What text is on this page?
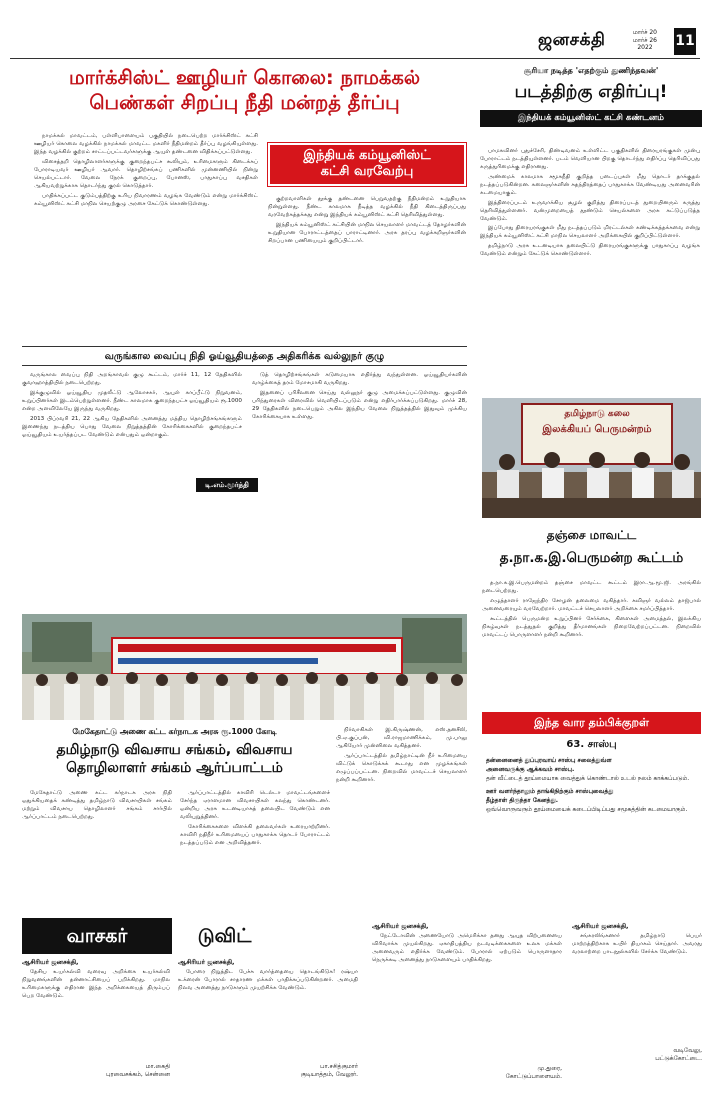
ஜனசக்தி	மார்ச் 20
மார்ச் 26
2022	11
மார்க்சிஸ்ட் ஊழியர் கொலை: நாமக்கல்
பெண்கள் சிறப்பு நீதி மன்றத் தீர்ப்பு

நாமக்கல் மாவட்டம், பள்ளிபாளையம் பகுதியில் நடைபெற்ற மார்க்சிஸ்ட் கட்சி ஊழியர் கொலை வழக்கில் நாமக்கல் மாவட்ட மகளிர் நீதிமன்றம் தீர்ப்பு வழங்கியுள்ளது. இந்த வழக்கில் குற்றம் சாட்டப்பட்டவர்களுக்கு ஆயுள் தண்டனை விதிக்கப்பட்டுள்ளது.

விசைத்தறி தொழிலாளர்களுக்கு குறைந்தபட்ச கூலியும், உரிமைகளும் கிடைக்கப் போராடியவர் ஊழியர் ஆவார். தொழிற்சங்கப் பணிகளில் முன்னணியில் நின்று செயல்பட்டார். வேலை நேரக் குறைப்பு, போனஸ், பாதுகாப்பு வசதிகள் ஆகியவற்றுக்காக தொடர்ந்து குரல் கொடுத்தார்.

பாதிக்கப்பட்ட குடும்பத்திற்கு உரிய நிவாரணம் வழங்க வேண்டும் என்று மார்க்சிஸ்ட் கம்யூனிஸ்ட் கட்சி மாநில செயற்குழு அரசை கேட்டுக் கொண்டுள்ளது.

இந்தியக் கம்யூனிஸ்ட்
கட்சி வரவேற்பு

குற்றவாளிகள் தூக்கு தண்டனை பெறுவதற்கு நீதிமன்றம் உறுதியாக நின்றுள்ளது. நீண்ட காலமாக நீடித்த வழக்கில் நீதி கிடைத்திருப்பது வரவேற்கத்தக்கது என்று இந்தியக் கம்யூனிஸ்ட் கட்சி தெரிவித்துள்ளது.

இந்தியக் கம்யூனிஸ்ட் கட்சியின் மாநில செயலாளர் மாவட்டத் தோழர்களின் உறுதியான போராட்டத்தைப் பாராட்டினார். அரசு தரப்பு வழக்கறிஞர்களின் சிறப்பான பணியையும் குறிப்பிட்டார்.

சூரியா நடித்த 'எதற்கும் துணிந்தவன்'
படத்திற்கு எதிர்ப்பு!
இந்தியக் கம்யூனிஸ்ட் கட்சி கண்டனம்

பாமகவினர் புதுச்சேரி, திண்டிவனம் உள்ளிட்ட பகுதிகளில் திரையரங்குகள் முன்பு போராட்டம் நடத்தியுள்ளனர். படம் வெளியான பிறகு தொடர்ந்து எதிர்ப்பு தெரிவிப்பது கருத்துரிமைக்கு எதிரானது.

அண்மைக் காலமாக சமூகநீதி குறித்த படைப்புகள் மீது தொடர் தாக்குதல் நடத்தப்படுகின்றன. கலைஞர்களின் சுதந்திரத்தைப் பாதுகாக்க வேண்டியது அனைவரின் கடமையாகும்.

இத்திரைப்படம் உருவாக்கிய சூழல் குறித்து திரைப்படத் துறையினரும் கருத்து தெரிவித்துள்ளனர். வன்முறையைத் தூண்டும் செயல்களை அரசு கட்டுப்படுத்த வேண்டும்.

இப்போது திரையரங்குகள் மீது நடத்தப்படும் மிரட்டல்கள் கண்டிக்கத்தக்கவை என்று இந்தியக் கம்யூனிஸ்ட் கட்சி மாநில செயலாளர் அறிக்கையில் குறிப்பிட்டுள்ளார்.

தமிழ்நாடு அரசு உடனடியாக தலையிட்டு திரையரங்குகளுக்கு பாதுகாப்பு வழங்க வேண்டும் என்றும் கேட்டுக் கொண்டுள்ளார்.

வருங்கால வைப்பு நிதி ஓய்வூதியத்தை அதிகரிக்க வல்லுநர் குழு

வருங்கால வைப்பு நிதி அறங்காவல் குழு கூட்டம், மார்ச் 11, 12 தேதிகளில் குவாஹாத்தியில் நடைபெற்றது.

இக்குழுவில் ஓய்வூதிய முதலீட்டு ஆலோசகர், ஆயுள் காப்பீட்டு நிறுவனம், உறுப்பினர்கள் இடம்பெற்றுள்ளனர். நீண்ட காலமாக குறைந்தபட்ச ஓய்வூதியம் ரூ.1000 என்ற அளவிலேயே இருந்து வருகிறது.

2013 பிப்ரவரி 21, 22 ஆகிய தேதிகளில் அனைத்து மத்திய தொழிற்சங்கங்களும் இணைந்து நடத்திய பொது வேலை நிறுத்தத்தின் கோரிக்கைகளில் குறைந்தபட்ச ஓய்வூதியம் உயர்த்தப்பட வேண்டும் என்பதும் ஒன்றாகும்.

டி.எம்.மூர்த்தி

டுத் தொழிற்சங்கங்கள் கடுமையாக எதிர்த்து வந்துள்ளன. ஓய்வூதியர்களின் வாழ்க்கைத் தரம் மோசமாகி வருகிறது.

இதனைப் பரிசீலனை செய்து வல்லுநர் குழு அமைக்கப்பட்டுள்ளது. குழுவின் பரிந்துரைகள் விரைவில் வெளியிடப்படும் என்று எதிர்பார்க்கப்படுகிறது. மார்ச் 28, 29 தேதிகளில் நடைபெறும் அகில இந்திய வேலை நிறுத்தத்தில் இதுவும் முக்கிய கோரிக்கையாக உள்ளது.	தமிழ்நாடு கலை
இலக்கியப் பெருமன்றம்
தஞ்சை மாவட்ட
த.நா.க.இ.பெருமன்ற கூட்டம்

த.நா.க.இ.பெருமன்றம் தஞ்சை மாவட்ட கூட்டம் இரா.ஆ.மூ.ஜி. அரங்கில் நடைபெற்றது.

எழுத்தாளர் ராஜேந்திர சோழன் தலைமை வகித்தார். கவிஞர் வல்லம் தாஜ்பால் அனைவரையும் வரவேற்றார். மாவட்டச் செயலாளர் அறிக்கை சமர்ப்பித்தார்.

கூட்டத்தில் பெருமன்ற உறுப்பினர் சேர்க்கை, கிளைகள் அமைத்தல், இலக்கிய நிகழ்வுகள் நடத்துதல் குறித்து தீர்மானங்கள் நிறைவேற்றப்பட்டன. நிறைவில் மாவட்டப் பொருளாளர் நன்றி கூறினார்.

மேகேதாட்டு அணை கட்ட கர்நாடக அரசு ரூ.1000 கோடி
தமிழ்நாடு விவசாய சங்கம், விவசாய
தொழிலாளர் சங்கம் ஆர்ப்பாட்டம்

மேகேதாட்டு அணை கட்ட கர்நாடக அரசு நிதி ஒதுக்கியதைக் கண்டித்து தமிழ்நாடு விவசாயிகள் சங்கம் மற்றும் விவசாய தொழிலாளர் சங்கம் சார்பில் ஆர்ப்பாட்டம் நடைபெற்றது.

ஆர்ப்பாட்டத்தில் காவிரி டெல்டா மாவட்டங்களைச் சேர்ந்த ஏராளமான விவசாயிகள் கலந்து கொண்டனர். ஒன்றிய அரசு உடனடியாகத் தலையிட வேண்டும் என வலியுறுத்தினர்.

கோரிக்கைகளை விளக்கி தலைவர்கள் உரையாற்றினர். காவிரி நதிநீர் உரிமையைப் பாதுகாக்க தொடர் போராட்டம் நடத்தப்படும் என அறிவித்தனர்.

நிர்வாகிகள் இ.கிருஷ்ணன், எஸ்.தனசீலி, பி.ஏ.குப்பன், வி.ராஜமாணிக்கம், மு.பாலு ஆகியோர் முன்னிலை வகித்தனர்.

ஆர்ப்பாட்டத்தில் தமிழ்நாட்டின் நீர் உரிமையை விட்டுக் கொடுக்கக் கூடாது என முழக்கங்கள் எழுப்பப்பட்டன. நிறைவில் மாவட்டச் செயலாளர் நன்றி கூறினார்.

இந்த வார தம்பிக்குறள்
63. சாஸ்பு
தன்னைனைத் துப்புரவாய் சாஸ்பு சலைத்துவ்ள
அனைவருக்கு ஆக்கவம் சாஸ்பு.
தன் வீட்டைத் தூய்மையாக வைத்துக் கொண்டால் உடல் நலம் காக்கப்படும்.
ஊர் வளர்ந்தாலும் தாங்கிநிற்கும் சாஸ்புவைத்து
தீழ்தாள் திருந்தா கேனத்து.
ஒவ்வொருவரும் தூய்மையைக் கடைப்பிடிப்பது சமூகத்தின் கடமையாகும்.
வாசகர்	டுவிட்
ஆசிரியர் ஜனசக்தி,
தேசிய உயர்கல்வி வரைவு அறிக்கை உயர்கல்வி நிறுவனங்களின் தன்னாட்சியைப் பறிக்கிறது. மாநில உரிமைகளுக்கு எதிரான இந்த அறிக்கையைத் திரும்பப் பெற வேண்டும்.
மா.கைதி
புரவைசக்கம், சென்னை
ஆசிரியர் ஜனசக்தி,
போரை நிறுத்திட பேச்சு வார்த்தையை தொடங்கிடுக! ரஷ்யா உக்ரைன் போரால் சாதாரண மக்கள் பாதிக்கப்படுகின்றனர். அமைதி நிலவ அனைத்து நாடுகளும் முயற்சிக்க வேண்டும்.
பா.சசித்குமார்
குடியாத்தம், வேலூர்.
ஆசிரியர் ஜனசக்தி,
நேட்டோவின் அணையோடு அமெரிக்கா தனது ஆயுத விற்பனையை விரிவாக்க முயல்கிறது. ஏகாதிபத்திய நடவடிக்கைகளை உலக மக்கள் அனைவரும் எதிர்க்க வேண்டும். போரால் ஏற்படும் பொருளாதார நெருக்கடி அனைத்து நாடுகளையும் பாதிக்கிறது.
மு.துரை,
கோட்டுப்பாளையம்.
ஆசிரியர் ஜனசக்தி,
சங்கரலிங்கனார் தமிழ்நாடு பெயர் மாற்றத்திற்காக உயிர் தியாகம் செய்தார். அவரது வரலாற்றை பாடநூல்களில் சேர்க்க வேண்டும்.
வடிவேலு,
பட்டுக்கோட்டை.
